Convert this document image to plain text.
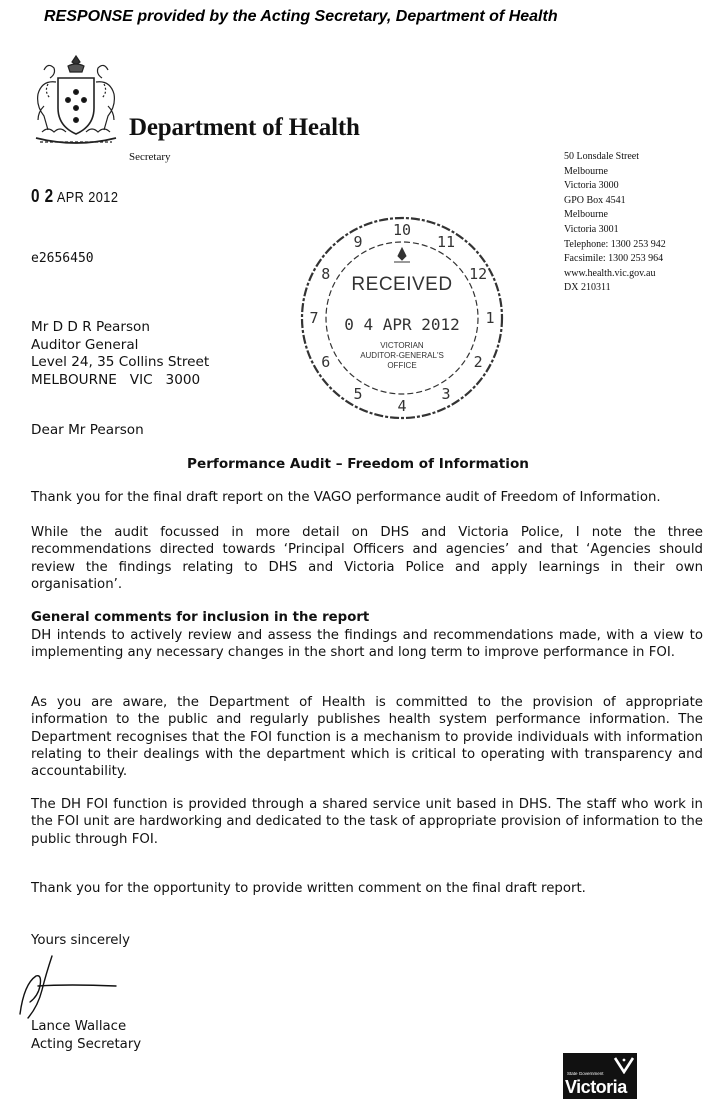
RESPONSE provided by the Acting Secretary, Department of Health
Department of Health
Secretary
0 2 APR 2012
e2656450
50 Lonsdale Street
Melbourne
Victoria 3000
GPO Box 4541
Melbourne
Victoria 3001
Telephone: 1300 253 942
Facsimile: 1300 253 964
www.health.vic.gov.au
DX 210311
9
10
11
12
1
2
3
4
5
6
7
8 RECEIVED
0 4 APR 2012
VICTORIAN
AUDITOR-GENERAL'S
OFFICE
Mr D D R Pearson
Auditor General
Level 24, 35 Collins Street
MELBOURNE   VIC   3000
Dear Mr Pearson
Performance Audit – Freedom of Information
Thank you for the final draft report on the VAGO performance audit of Freedom of Information.
While the audit focussed in more detail on DHS and Victoria Police, I note the three recommendations directed towards ‘Principal Officers and agencies’ and that ‘Agencies should review the findings relating to DHS and Victoria Police and apply learnings in their own organisation’.
General comments for inclusion in the report
DH intends to actively review and assess the findings and recommendations made, with a view to implementing any necessary changes in the short and long term to improve performance in FOI.
As you are aware, the Department of Health is committed to the provision of appropriate information to the public and regularly publishes health system performance information. The Department recognises that the FOI function is a mechanism to provide individuals with information relating to their dealings with the department which is critical to operating with transparency and accountability.
The DH FOI function is provided through a shared service unit based in DHS. The staff who work in the FOI unit are hardworking and dedicated to the task of appropriate provision of information to the public through FOI.
Thank you for the opportunity to provide written comment on the final draft report.
Yours sincerely
Lance Wallace
Acting Secretary
State Government
Victoria
